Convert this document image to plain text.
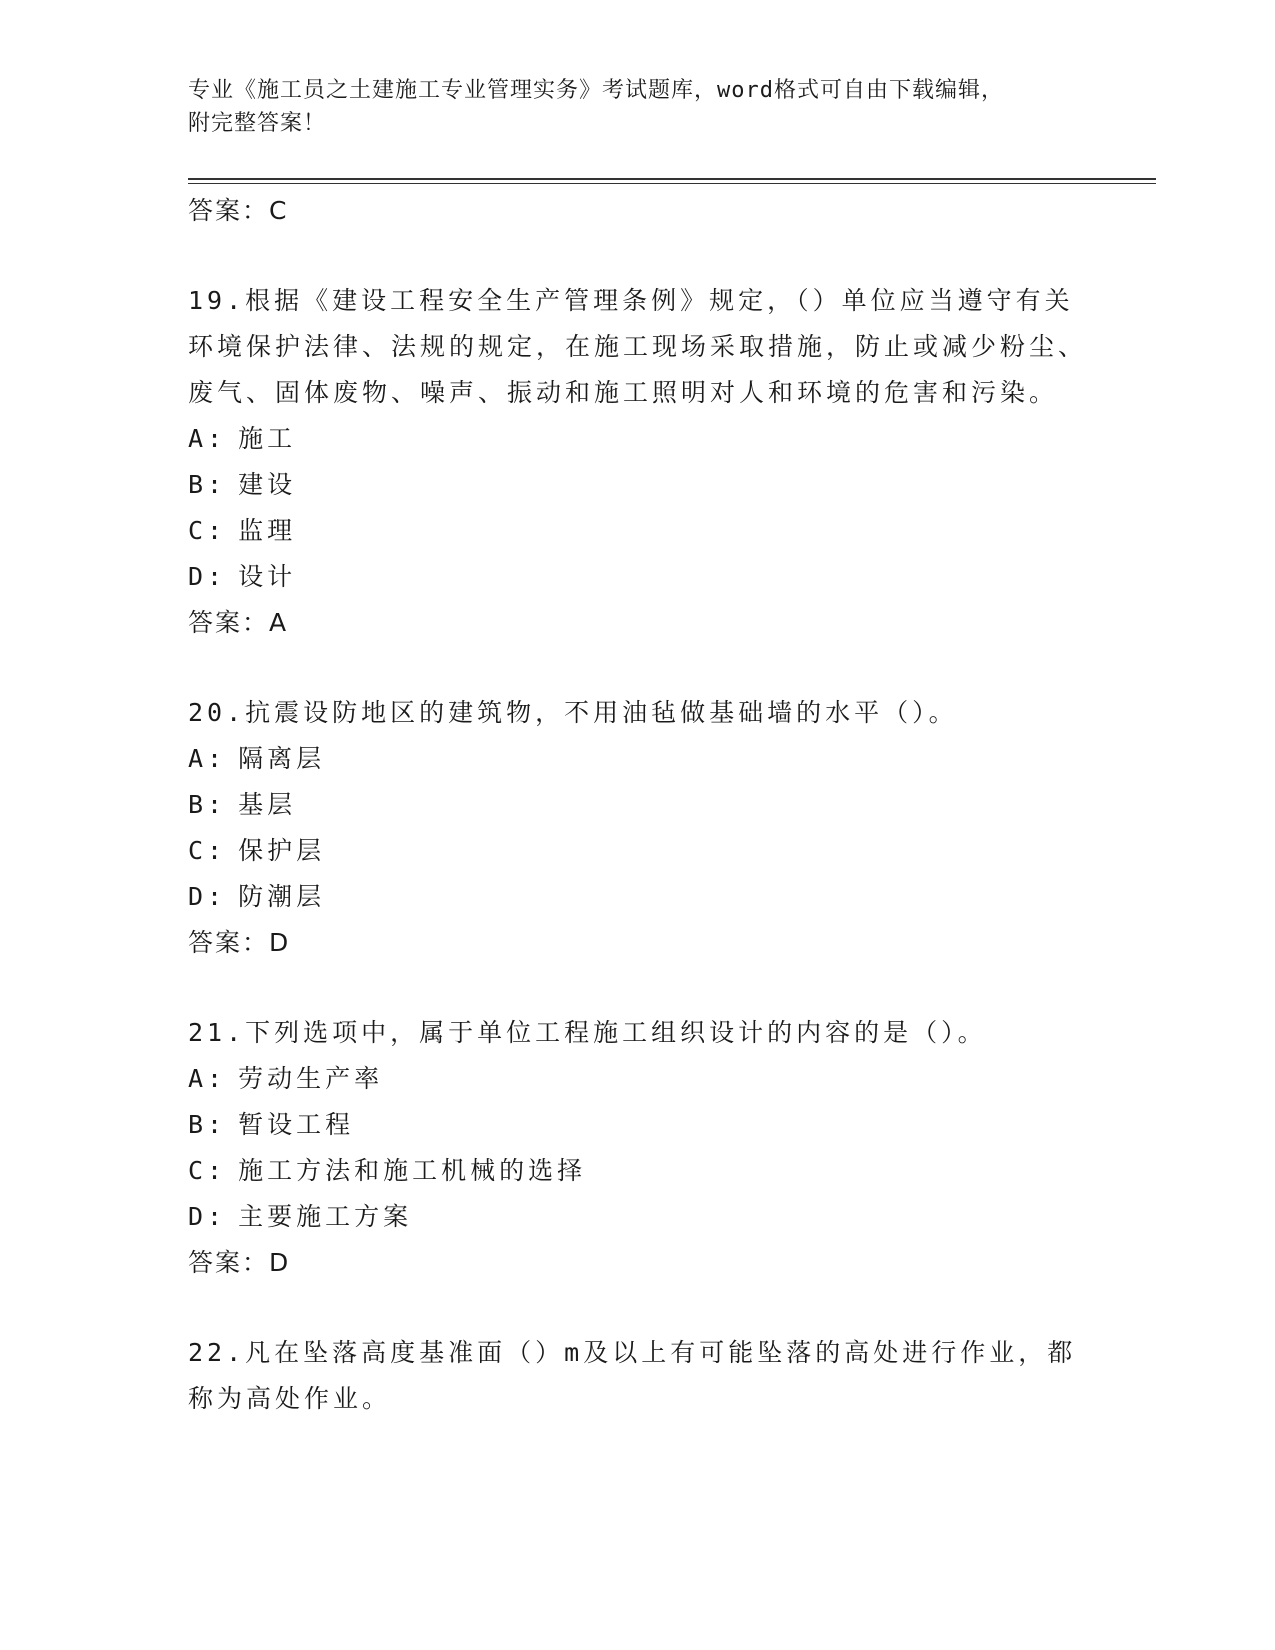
专业《施工员之土建施工专业管理实务》考试题库，word格式可自由下载编辑，
附完整答案！

答案：C

19.根据《建设工程安全生产管理条例》规定，（）单位应当遵守有关环境保护法律、法规的规定，在施工现场采取措施，防止或减少粉尘、废气、固体废物、噪声、振动和施工照明对人和环境的危害和污染。

A: 施工

B: 建设

C: 监理

D: 设计

答案：A

20.抗震设防地区的建筑物，不用油毡做基础墙的水平（）。

A: 隔离层

B: 基层

C: 保护层

D: 防潮层

答案：D

21.下列选项中，属于单位工程施工组织设计的内容的是（）。

A: 劳动生产率

B: 暂设工程

C: 施工方法和施工机械的选择

D: 主要施工方案

答案：D

22.凡在坠落高度基准面（）m及以上有可能坠落的高处进行作业，都称为高处作业。
